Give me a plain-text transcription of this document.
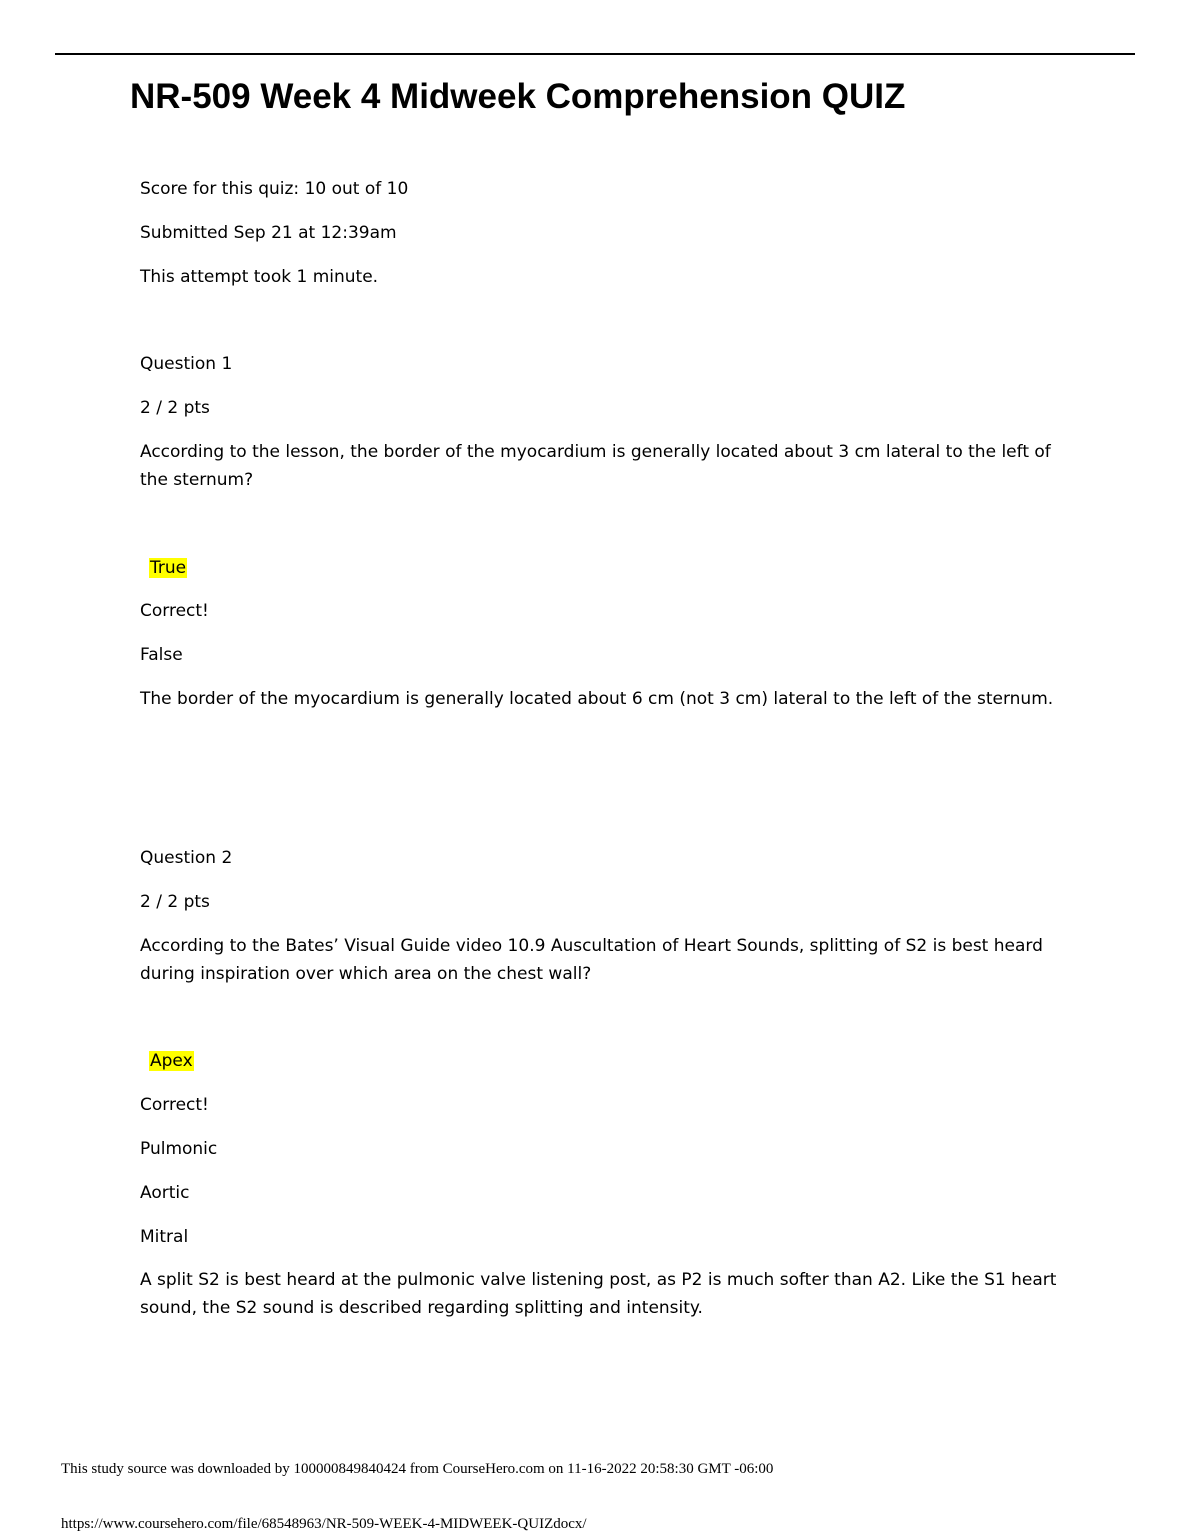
NR-509 Week 4 Midweek Comprehension QUIZ

Score for this quiz: 10 out of 10

Submitted Sep 21 at 12:39am

This attempt took 1 minute.

Question 1

2 / 2 pts

According to the lesson, the border of the myocardium is generally located about 3 cm lateral to the left of the sternum?

True

Correct!

False

The border of the myocardium is generally located about 6 cm (not 3 cm) lateral to the left of the sternum.

Question 2

2 / 2 pts

According to the Bates’ Visual Guide video 10.9 Auscultation of Heart Sounds, splitting of S2 is best heard during inspiration over which area on the chest wall?

Apex

Correct!

Pulmonic

Aortic

Mitral

A split S2 is best heard at the pulmonic valve listening post, as P2 is much softer than A2. Like the S1 heart sound, the S2 sound is described regarding splitting and intensity.

This study source was downloaded by 100000849840424 from CourseHero.com on 11-16-2022 20:58:30 GMT -06:00

https://www.coursehero.com/file/68548963/NR-509-WEEK-4-MIDWEEK-QUIZdocx/
